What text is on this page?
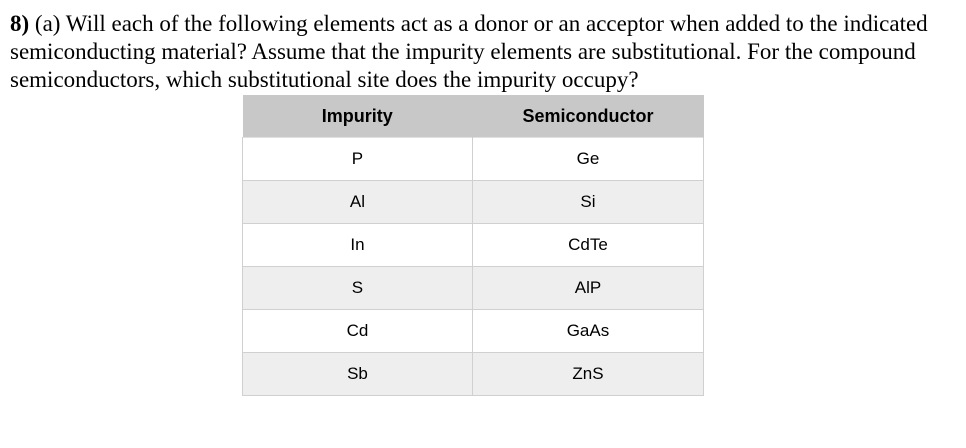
8) (a) Will each of the following elements act as a donor or an acceptor when added to the indicated semiconducting material? Assume that the impurity elements are substitutional. For the compound semiconductors, which substitutional site does the impurity occupy?
Impurity	Semiconductor
P	Ge
Al	Si
In	CdTe
S	AlP
Cd	GaAs
Sb	ZnS
